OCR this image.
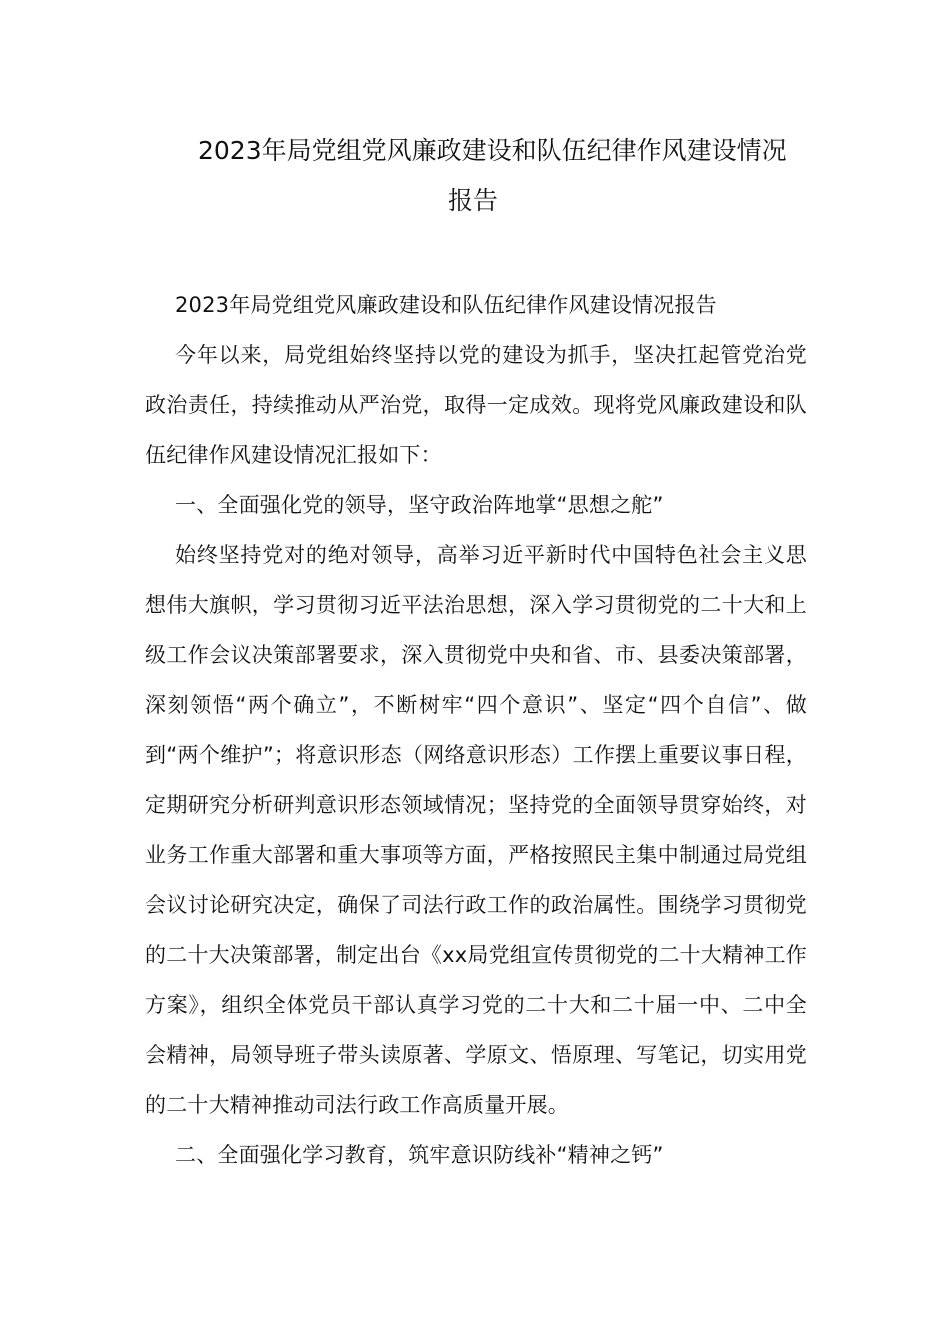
2023年局党组党风廉政建设和队伍纪律作风建设情况
报告

2023年局党组党风廉政建设和队伍纪律作风建设情况报告

今年以来，局党组始终坚持以党的建设为抓手，坚决扛起管党治党政治责任，持续推动从严治党，取得一定成效。现将党风廉政建设和队伍纪律作风建设情况汇报如下：

一、全面强化党的领导，坚守政治阵地掌“思想之舵”

始终坚持党对的绝对领导，高举习近平新时代中国特色社会主义思想伟大旗帜，学习贯彻习近平法治思想，深入学习贯彻党的二十大和上级工作会议决策部署要求，深入贯彻党中央和省、市、县委决策部署，深刻领悟“两个确立”，不断树牢“四个意识”、坚定“四个自信”、做到“两个维护”；将意识形态（网络意识形态）工作摆上重要议事日程，定期研究分析研判意识形态领域情况；坚持党的全面领导贯穿始终，对业务工作重大部署和重大事项等方面，严格按照民主集中制通过局党组会议讨论研究决定，确保了司法行政工作的政治属性。围绕学习贯彻党的二十大决策部署，制定出台《xx局党组宣传贯彻党的二十大精神工作方案》，组织全体党员干部认真学习党的二十大和二十届一中、二中全会精神，局领导班子带头读原著、学原文、悟原理、写笔记，切实用党的二十大精神推动司法行政工作高质量开展。

二、全面强化学习教育，筑牢意识防线补“精神之钙”
